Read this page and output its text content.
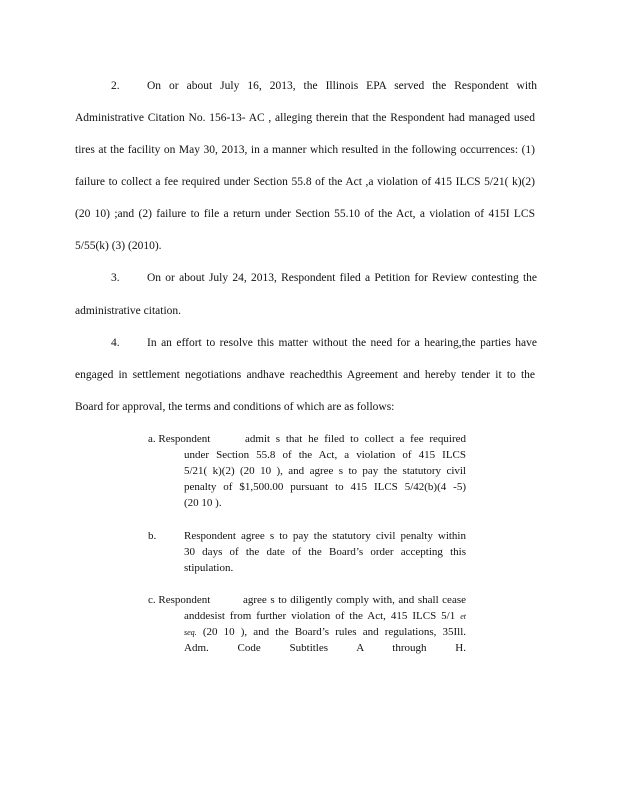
2. On or about July 16, 2013, the Illinois EPA served the Respondent with
Administrative Citation No. 156-13- AC , alleging therein that the Respondent had managed used
tires at the facility on May 30, 2013, in a manner which resulted in the following occurrences: (1)
failure to collect a fee required under Section 55.8 of the Act ,a violation of 415 ILCS 5/21( k)(2)
(20 10) ;and (2) failure to file a return under Section 55.10 of the Act, a violation of 415I LCS
5/55(k) (3) (2010).
3. On or about July 24, 2013, Respondent filed a Petition for Review contesting the
administrative citation.
4. In an effort to resolve this matter without the need for a hearing,the parties have
engaged in settlement negotiations andhave reachedthis Agreement and hereby tender it to the
Board for approval, the terms and conditions of which are as follows:
a. Respondent	admit s that he filed to collect a fee required
under Section 55.8 of the Act, a violation of 415 ILCS
5/21( k)(2) (20 10 ), and agree s to pay the statutory civil
penalty of $1,500.00 pursuant to 415 ILCS 5/42(b)(4 -5)
(20 10 ).
b.	Respondent agree s to pay the statutory civil penalty within
30 days of the date of the Board’s order accepting this
stipulation.
c. Respondent	agree s to diligently comply with, and shall cease
anddesist from further violation of the Act, 415 ILCS 5/1 et
seq. (20 10 ), and the Board’s rules and regulations, 35Ill.
Adm. Code Subtitles A through H.
